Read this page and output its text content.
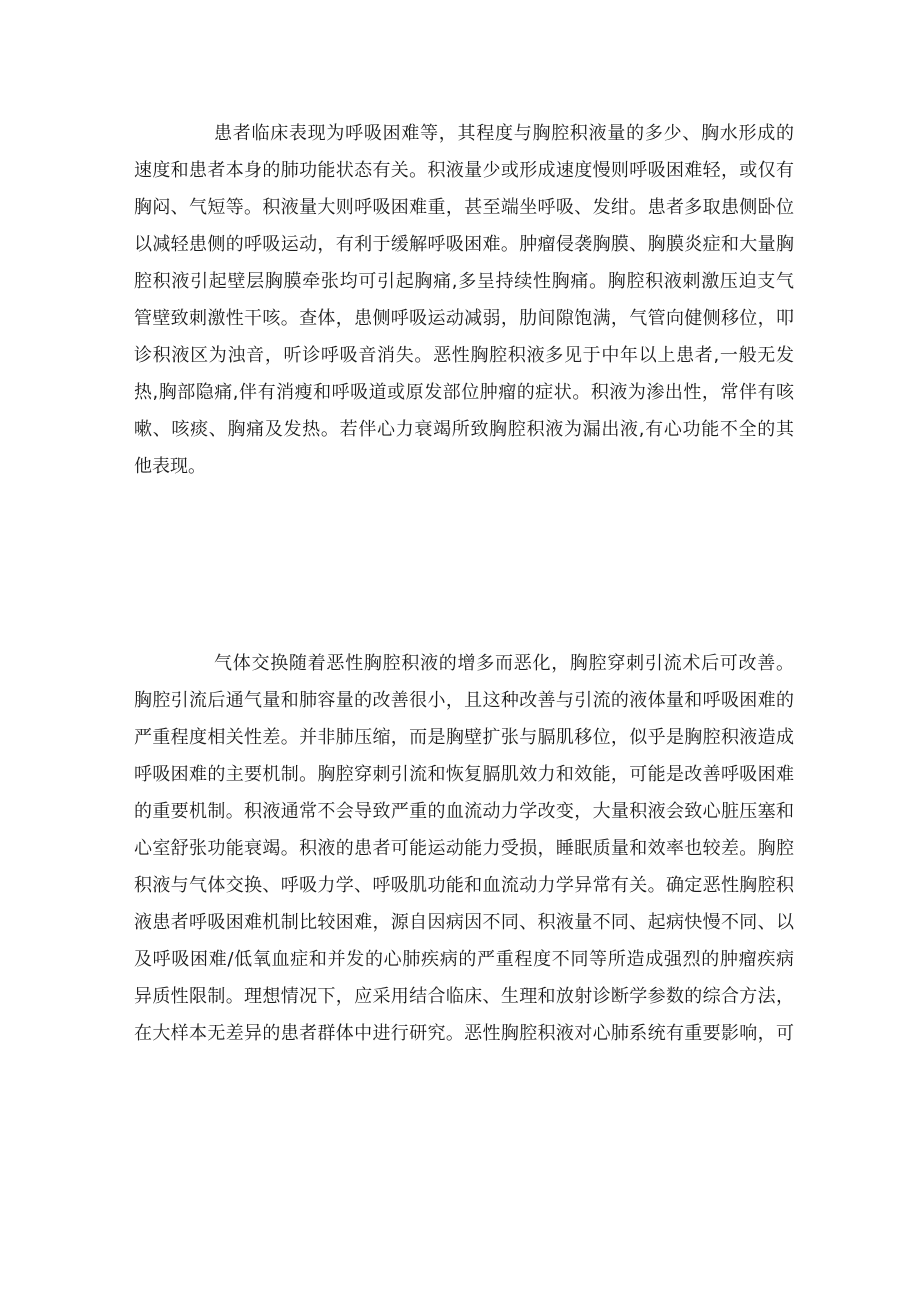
患者临床表现为呼吸困难等，其程度与胸腔积液量的多少、胸水形成的
速度和患者本身的肺功能状态有关。积液量少或形成速度慢则呼吸困难轻，或仅有
胸闷、气短等。积液量大则呼吸困难重，甚至端坐呼吸、发绀。患者多取患侧卧位
以减轻患侧的呼吸运动，有利于缓解呼吸困难。肿瘤侵袭胸膜、胸膜炎症和大量胸
腔积液引起壁层胸膜牵张均可引起胸痛,多呈持续性胸痛。胸腔积液刺激压迫支气
管壁致刺激性干咳。查体，患侧呼吸运动减弱，肋间隙饱满，气管向健侧移位，叩
诊积液区为浊音，听诊呼吸音消失。恶性胸腔积液多见于中年以上患者,一般无发
热,胸部隐痛,伴有消瘦和呼吸道或原发部位肿瘤的症状。积液为渗出性，常伴有咳
嗽、咳痰、胸痛及发热。若伴心力衰竭所致胸腔积液为漏出液,有心功能不全的其
他表现。
气体交换随着恶性胸腔积液的增多而恶化，胸腔穿刺引流术后可改善。
胸腔引流后通气量和肺容量的改善很小，且这种改善与引流的液体量和呼吸困难的
严重程度相关性差。并非肺压缩，而是胸壁扩张与膈肌移位，似乎是胸腔积液造成
呼吸困难的主要机制。胸腔穿刺引流和恢复膈肌效力和效能，可能是改善呼吸困难
的重要机制。积液通常不会导致严重的血流动力学改变，大量积液会致心脏压塞和
心室舒张功能衰竭。积液的患者可能运动能力受损，睡眠质量和效率也较差。胸腔
积液与气体交换、呼吸力学、呼吸肌功能和血流动力学异常有关。确定恶性胸腔积
液患者呼吸困难机制比较困难，源自因病因不同、积液量不同、起病快慢不同、以
及呼吸困难/低氧血症和并发的心肺疾病的严重程度不同等所造成强烈的肿瘤疾病
异质性限制。理想情况下，应采用结合临床、生理和放射诊断学参数的综合方法，
在大样本无差异的患者群体中进行研究。恶性胸腔积液对心肺系统有重要影响，可
